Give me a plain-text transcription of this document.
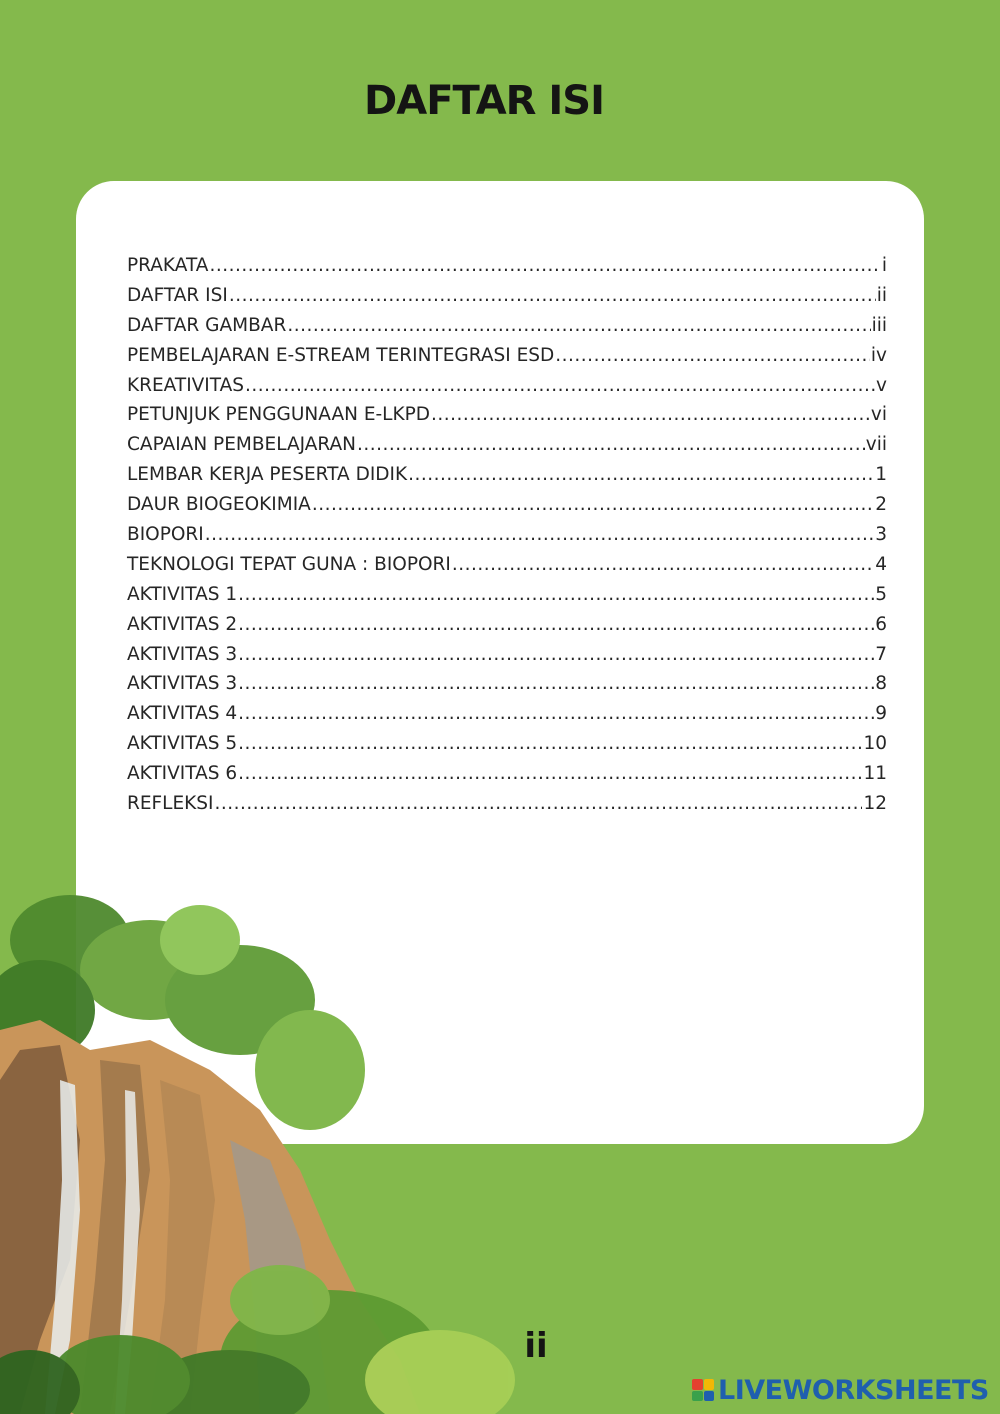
DAFTAR ISI
PRAKATA .....	i
DAFTAR ISI .....	ii
DAFTAR GAMBAR .....	iii
PEMBELAJARAN E-STREAM TERINTEGRASI ESD .....	iv
KREATIVITAS .....	v
PETUNJUK PENGGUNAAN E-LKPD .....	vi
CAPAIAN PEMBELAJARAN .....	vii
LEMBAR KERJA PESERTA DIDIK .....	1
DAUR BIOGEOKIMIA .....	2
BIOPORI .....	3
TEKNOLOGI TEPAT GUNA : BIOPORI .....	4
AKTIVITAS 1 .....	5
AKTIVITAS 2 .....	6
AKTIVITAS 3 .....	7
AKTIVITAS 3 .....	8
AKTIVITAS 4 .....	9
AKTIVITAS 5 .....	10
AKTIVITAS 6 .....	11
REFLEKSI .....	12
ii
LIVEWORKSHEETS
